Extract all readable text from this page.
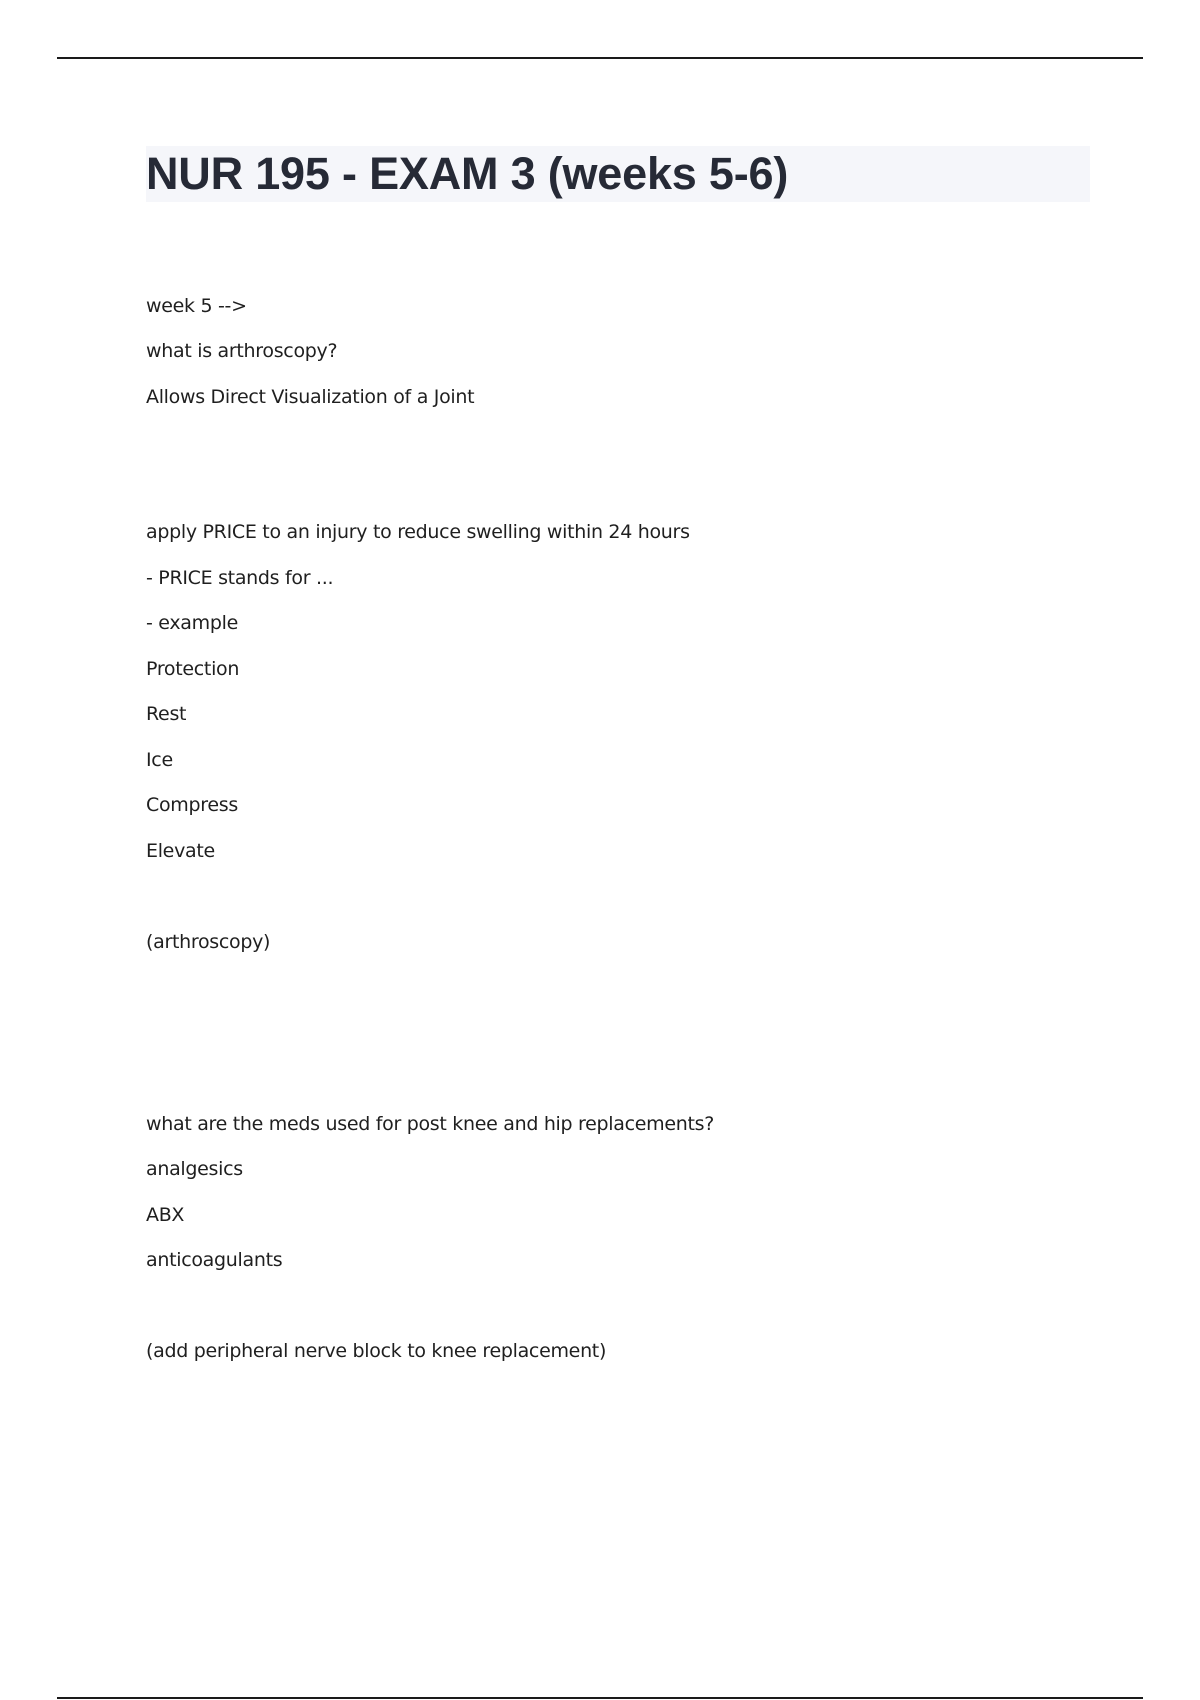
NUR 195 - EXAM 3 (weeks 5-6)

week 5 -->

what is arthroscopy?

Allows Direct Visualization of a Joint

apply PRICE to an injury to reduce swelling within 24 hours

- PRICE stands for ...

- example

Protection

Rest

Ice

Compress

Elevate

(arthroscopy)

what are the meds used for post knee and hip replacements?

analgesics

ABX

anticoagulants

(add peripheral nerve block to knee replacement)
